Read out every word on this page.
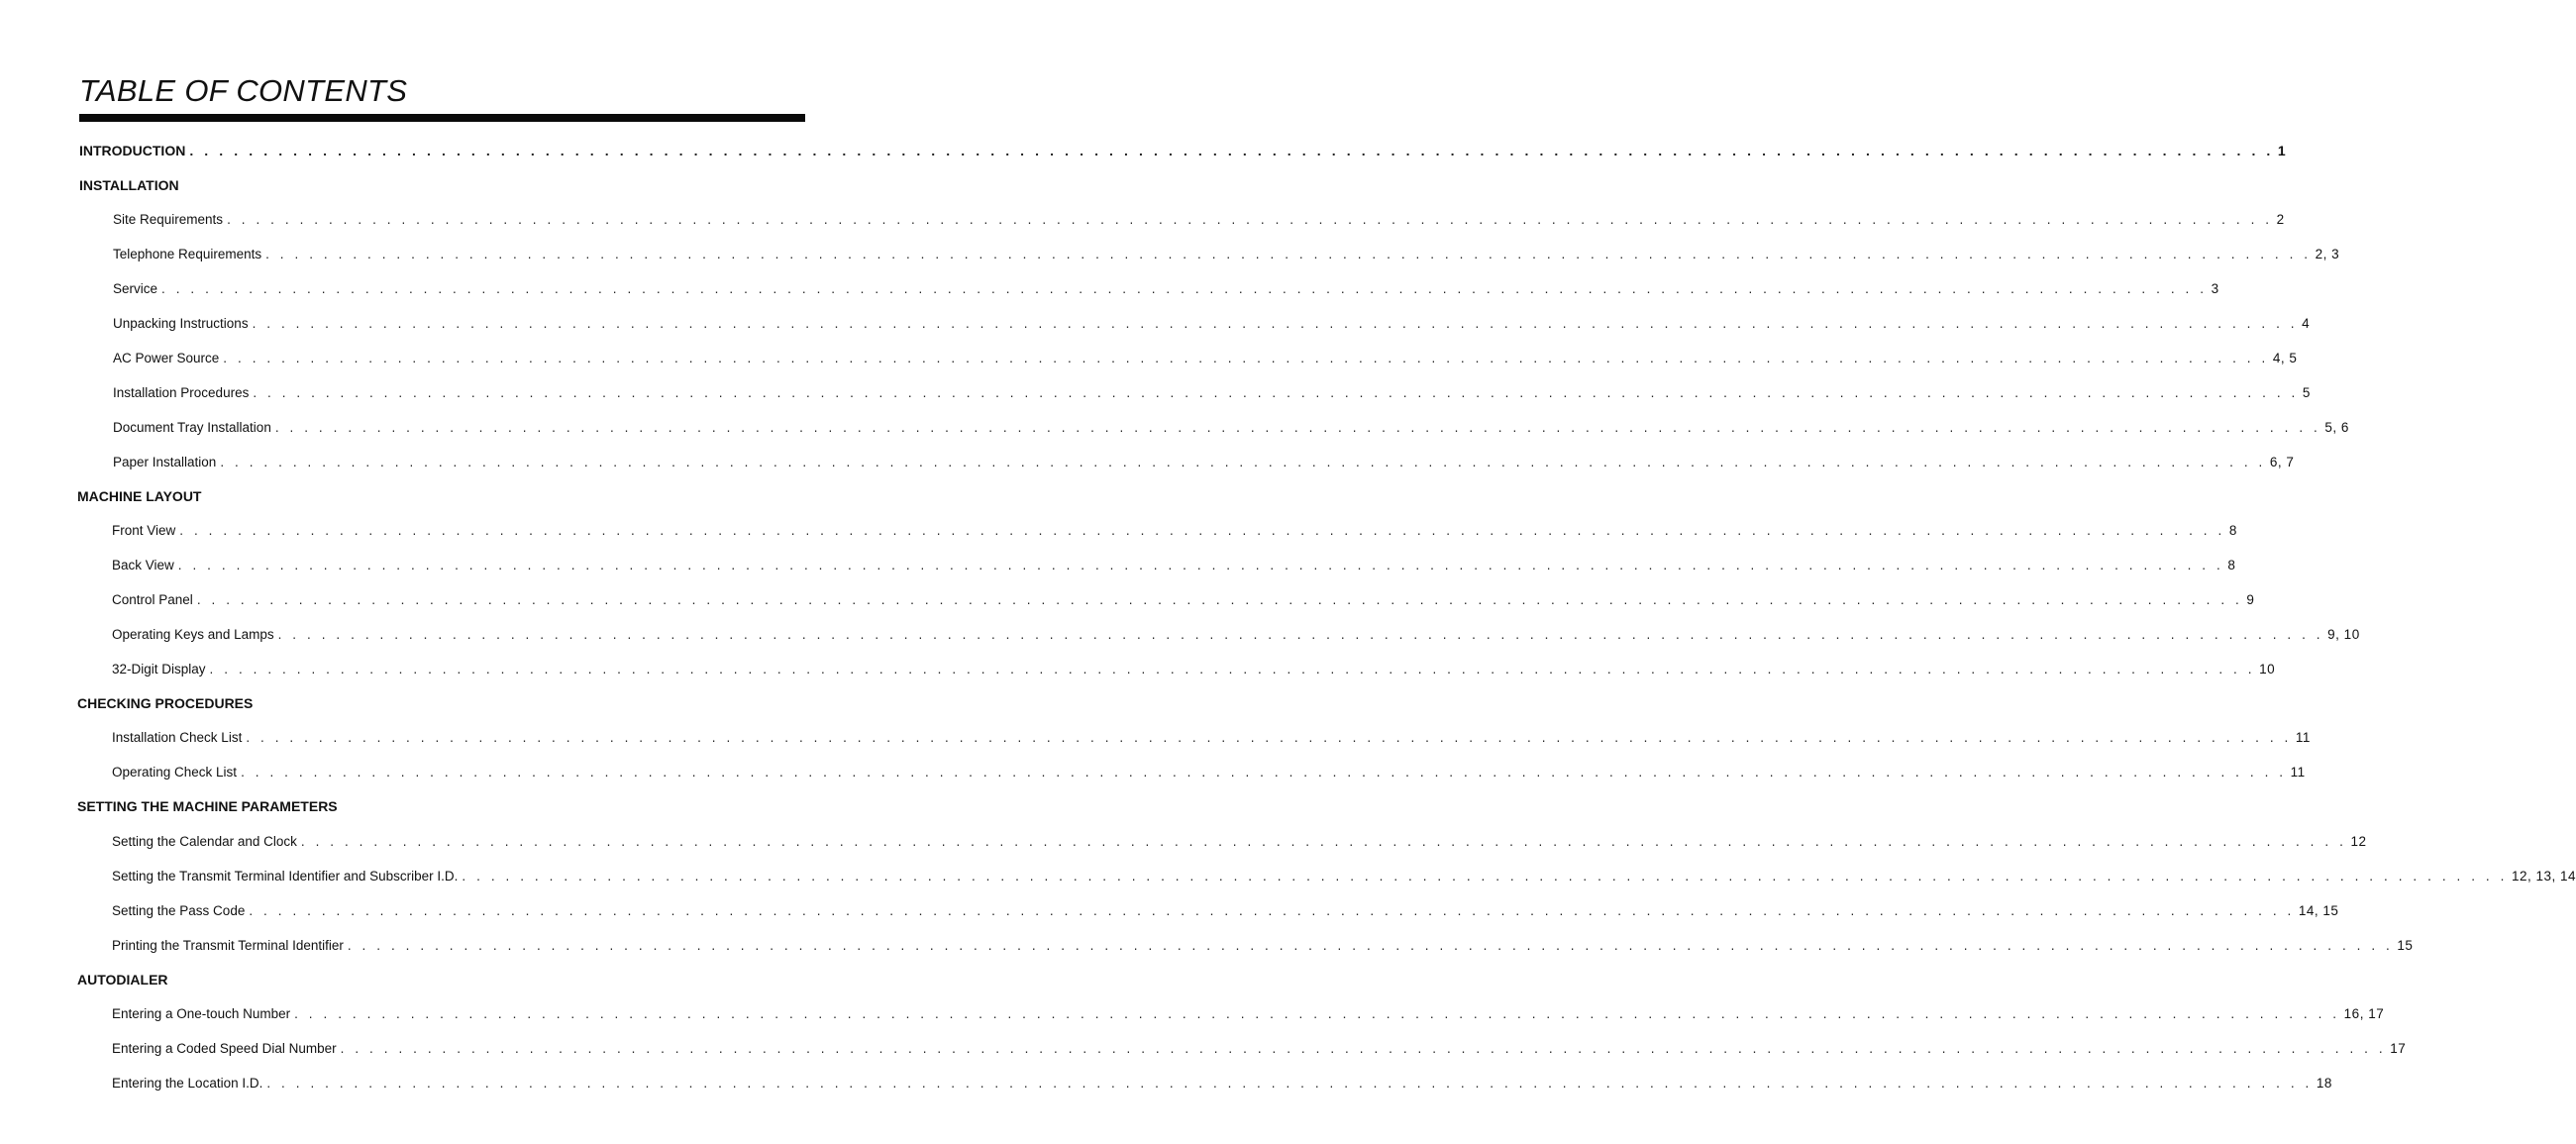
TABLE OF CONTENTS
INTRODUCTION . . . . . . . . . . . . . . . . . . . . . . . . . . . . . . . . . . . . . . . . . . . . . . . . . . . . . . . . . . . . . . . . . . . . . . . . . . . . . . . . . . . . . . . . . . . . . . . . . . . . . . . . . . . . . . . . . . . . . . . . . . . . . . . . . . . . . . . . . . . . . 1
INSTALLATION
Site Requirements . . . . . . . . . . . . . . . . . . . . . . . . . . . . . . . . . . . . . . . . . . . . . . . . . . . . . . . . . . . . . . . . . . . . . . . . . . . . . . . . . . . . . . . . . . . . . . . . . . . . . . . . . . . . . . . . . . . . . . . . . . . . . . . . . . . . . . . . . . . . . 2
Telephone Requirements . . . . . . . . . . . . . . . . . . . . . . . . . . . . . . . . . . . . . . . . . . . . . . . . . . . . . . . . . . . . . . . . . . . . . . . . . . . . . . . . . . . . . . . . . . . . . . . . . . . . . . . . . . . . . . . . . . . . . . . . . . . . . . . . . . . . . . . . . . . . . 2, 3
Service . . . . . . . . . . . . . . . . . . . . . . . . . . . . . . . . . . . . . . . . . . . . . . . . . . . . . . . . . . . . . . . . . . . . . . . . . . . . . . . . . . . . . . . . . . . . . . . . . . . . . . . . . . . . . . . . . . . . . . . . . . . . . . . . . . . . . . . . . . . . . 3
Unpacking Instructions . . . . . . . . . . . . . . . . . . . . . . . . . . . . . . . . . . . . . . . . . . . . . . . . . . . . . . . . . . . . . . . . . . . . . . . . . . . . . . . . . . . . . . . . . . . . . . . . . . . . . . . . . . . . . . . . . . . . . . . . . . . . . . . . . . . . . . . . . . . . . 4
AC Power Source . . . . . . . . . . . . . . . . . . . . . . . . . . . . . . . . . . . . . . . . . . . . . . . . . . . . . . . . . . . . . . . . . . . . . . . . . . . . . . . . . . . . . . . . . . . . . . . . . . . . . . . . . . . . . . . . . . . . . . . . . . . . . . . . . . . . . . . . . . . . . 4, 5
Installation Procedures . . . . . . . . . . . . . . . . . . . . . . . . . . . . . . . . . . . . . . . . . . . . . . . . . . . . . . . . . . . . . . . . . . . . . . . . . . . . . . . . . . . . . . . . . . . . . . . . . . . . . . . . . . . . . . . . . . . . . . . . . . . . . . . . . . . . . . . . . . . . . 5
Document Tray Installation . . . . . . . . . . . . . . . . . . . . . . . . . . . . . . . . . . . . . . . . . . . . . . . . . . . . . . . . . . . . . . . . . . . . . . . . . . . . . . . . . . . . . . . . . . . . . . . . . . . . . . . . . . . . . . . . . . . . . . . . . . . . . . . . . . . . . . . . . . . . . 5, 6
Paper Installation . . . . . . . . . . . . . . . . . . . . . . . . . . . . . . . . . . . . . . . . . . . . . . . . . . . . . . . . . . . . . . . . . . . . . . . . . . . . . . . . . . . . . . . . . . . . . . . . . . . . . . . . . . . . . . . . . . . . . . . . . . . . . . . . . . . . . . . . . . . . . 6, 7
MACHINE LAYOUT
Front View . . . . . . . . . . . . . . . . . . . . . . . . . . . . . . . . . . . . . . . . . . . . . . . . . . . . . . . . . . . . . . . . . . . . . . . . . . . . . . . . . . . . . . . . . . . . . . . . . . . . . . . . . . . . . . . . . . . . . . . . . . . . . . . . . . . . . . . . . . . . . 8
Back View . . . . . . . . . . . . . . . . . . . . . . . . . . . . . . . . . . . . . . . . . . . . . . . . . . . . . . . . . . . . . . . . . . . . . . . . . . . . . . . . . . . . . . . . . . . . . . . . . . . . . . . . . . . . . . . . . . . . . . . . . . . . . . . . . . . . . . . . . . . . . 8
Control Panel . . . . . . . . . . . . . . . . . . . . . . . . . . . . . . . . . . . . . . . . . . . . . . . . . . . . . . . . . . . . . . . . . . . . . . . . . . . . . . . . . . . . . . . . . . . . . . . . . . . . . . . . . . . . . . . . . . . . . . . . . . . . . . . . . . . . . . . . . . . . . 9
Operating Keys and Lamps . . . . . . . . . . . . . . . . . . . . . . . . . . . . . . . . . . . . . . . . . . . . . . . . . . . . . . . . . . . . . . . . . . . . . . . . . . . . . . . . . . . . . . . . . . . . . . . . . . . . . . . . . . . . . . . . . . . . . . . . . . . . . . . . . . . . . . . . . . . . . 9, 10
32-Digit Display . . . . . . . . . . . . . . . . . . . . . . . . . . . . . . . . . . . . . . . . . . . . . . . . . . . . . . . . . . . . . . . . . . . . . . . . . . . . . . . . . . . . . . . . . . . . . . . . . . . . . . . . . . . . . . . . . . . . . . . . . . . . . . . . . . . . . . . . . . . . . 10
CHECKING PROCEDURES
Installation Check List . . . . . . . . . . . . . . . . . . . . . . . . . . . . . . . . . . . . . . . . . . . . . . . . . . . . . . . . . . . . . . . . . . . . . . . . . . . . . . . . . . . . . . . . . . . . . . . . . . . . . . . . . . . . . . . . . . . . . . . . . . . . . . . . . . . . . . . . . . . . . 11
Operating Check List . . . . . . . . . . . . . . . . . . . . . . . . . . . . . . . . . . . . . . . . . . . . . . . . . . . . . . . . . . . . . . . . . . . . . . . . . . . . . . . . . . . . . . . . . . . . . . . . . . . . . . . . . . . . . . . . . . . . . . . . . . . . . . . . . . . . . . . . . . . . . 11
SETTING THE MACHINE PARAMETERS
Setting the Calendar and Clock . . . . . . . . . . . . . . . . . . . . . . . . . . . . . . . . . . . . . . . . . . . . . . . . . . . . . . . . . . . . . . . . . . . . . . . . . . . . . . . . . . . . . . . . . . . . . . . . . . . . . . . . . . . . . . . . . . . . . . . . . . . . . . . . . . . . . . . . . . . . . 12
Setting the Transmit Terminal Identifier and Subscriber I.D. . . . . . . . . . . . . . . . . . . . . . . . . . . . . . . . . . . . . . . . . . . . . . . . . . . . . . . . . . . . . . . . . . . . . . . . . . . . . . . . . . . . . . . . . . . . . . . . . . . . . . . . . . . . . . . . . . . . . . . . . . . . . . . . . . . . . . . . . . . . . . 12, 13, 14
Setting the Pass Code . . . . . . . . . . . . . . . . . . . . . . . . . . . . . . . . . . . . . . . . . . . . . . . . . . . . . . . . . . . . . . . . . . . . . . . . . . . . . . . . . . . . . . . . . . . . . . . . . . . . . . . . . . . . . . . . . . . . . . . . . . . . . . . . . . . . . . . . . . . . . 14, 15
Printing the Transmit Terminal Identifier . . . . . . . . . . . . . . . . . . . . . . . . . . . . . . . . . . . . . . . . . . . . . . . . . . . . . . . . . . . . . . . . . . . . . . . . . . . . . . . . . . . . . . . . . . . . . . . . . . . . . . . . . . . . . . . . . . . . . . . . . . . . . . . . . . . . . . . . . . . . . 15
AUTODIALER
Entering a One-touch Number . . . . . . . . . . . . . . . . . . . . . . . . . . . . . . . . . . . . . . . . . . . . . . . . . . . . . . . . . . . . . . . . . . . . . . . . . . . . . . . . . . . . . . . . . . . . . . . . . . . . . . . . . . . . . . . . . . . . . . . . . . . . . . . . . . . . . . . . . . . . . 16, 17
Entering a Coded Speed Dial Number . . . . . . . . . . . . . . . . . . . . . . . . . . . . . . . . . . . . . . . . . . . . . . . . . . . . . . . . . . . . . . . . . . . . . . . . . . . . . . . . . . . . . . . . . . . . . . . . . . . . . . . . . . . . . . . . . . . . . . . . . . . . . . . . . . . . . . . . . . . . . 17
Entering the Location I.D. . . . . . . . . . . . . . . . . . . . . . . . . . . . . . . . . . . . . . . . . . . . . . . . . . . . . . . . . . . . . . . . . . . . . . . . . . . . . . . . . . . . . . . . . . . . . . . . . . . . . . . . . . . . . . . . . . . . . . . . . . . . . . . . . . . . . . . . . . . . . . 18
